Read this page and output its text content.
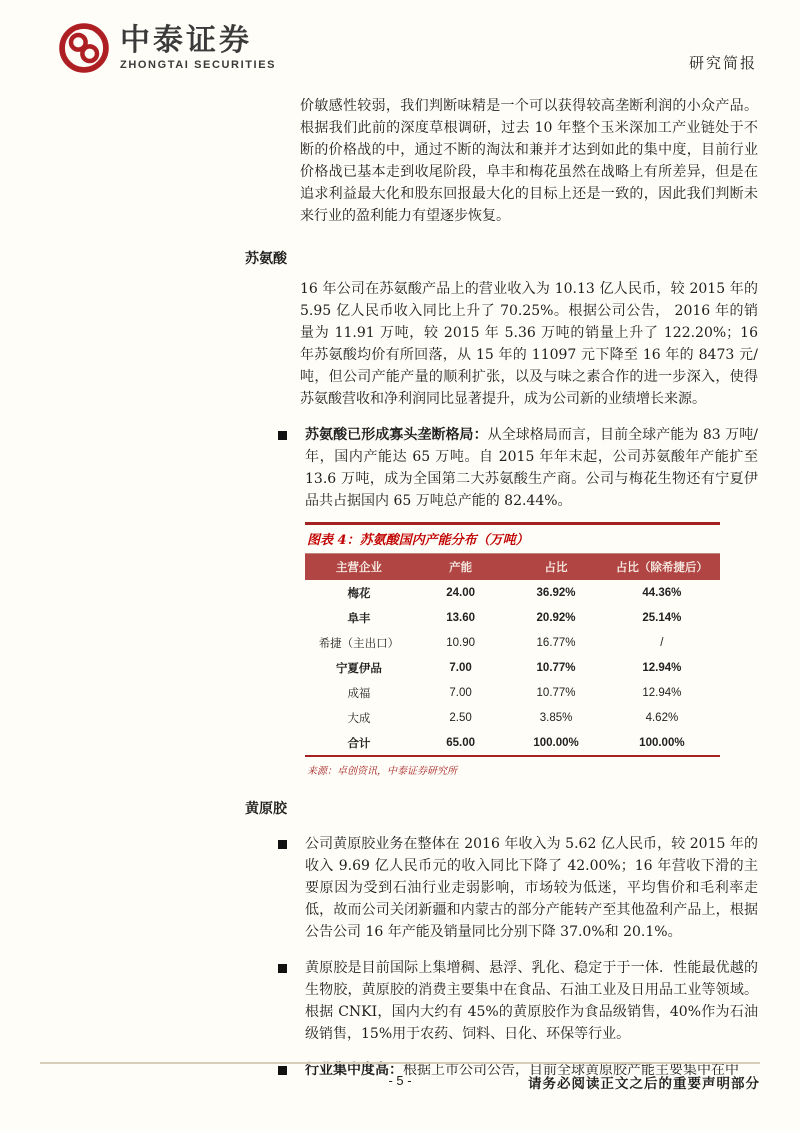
中泰证券
ZHONGTAI SECURITIES	研究简报

价敏感性较弱，我们判断味精是一个可以获得较高垄断利润的小众产品。根据我们此前的深度草根调研，过去 10 年整个玉米深加工产业链处于不断的价格战的中，通过不断的淘汰和兼并才达到如此的集中度，目前行业价格战已基本走到收尾阶段，阜丰和梅花虽然在战略上有所差异，但是在追求利益最大化和股东回报最大化的目标上还是一致的，因此我们判断未来行业的盈利能力有望逐步恢复。

苏氨酸

16 年公司在苏氨酸产品上的营业收入为 10.13 亿人民币，较 2015 年的 5.95 亿人民币收入同比上升了 70.25%。根据公司公告， 2016 年的销量为 11.91 万吨，较 2015 年 5.36 万吨的销量上升了 122.20%；16 年苏氨酸均价有所回落，从 15 年的 11097 元下降至 16 年的 8473 元/吨，但公司产能产量的顺利扩张，以及与味之素合作的进一步深入，使得苏氨酸营收和净利润同比显著提升，成为公司新的业绩增长来源。

苏氨酸已形成寡头垄断格局：从全球格局而言，目前全球产能为 83 万吨/年，国内产能达 65 万吨。自 2015 年年末起，公司苏氨酸年产能扩至 13.6 万吨，成为全国第二大苏氨酸生产商。公司与梅花生物还有宁夏伊品共占据国内 65 万吨总产能的 82.44%。

图表 4：苏氨酸国内产能分布（万吨）
主营企业	产能	占比	占比（除希捷后）
梅花	24.00	36.92%	44.36%
阜丰	13.60	20.92%	25.14%
希捷（主出口）	10.90	16.77%	/
宁夏伊品	7.00	10.77%	12.94%
成福	7.00	10.77%	12.94%
大成	2.50	3.85%	4.62%
合计	65.00	100.00%	100.00%
来源：卓创资讯，中泰证券研究所
黄原胶

公司黄原胶业务在整体在 2016 年收入为 5.62 亿人民币，较 2015 年的收入 9.69 亿人民币元的收入同比下降了 42.00%；16 年营收下滑的主要原因为受到石油行业走弱影响，市场较为低迷，平均售价和毛利率走低，故而公司关闭新疆和内蒙古的部分产能转产至其他盈利产品上，根据公告公司 16 年产能及销量同比分别下降 37.0%和 20.1%。

黄原胶是目前国际上集增稠、悬浮、乳化、稳定于于一体．性能最优越的生物胶，黄原胶的消费主要集中在食品、石油工业及日用品工业等领域。根据 CNKI，国内大约有 45%的黄原胶作为食品级销售，40%作为石油级销售，15%用于农药、饲料、日化、环保等行业。

行业集中度高：根据上市公司公告，目前全球黄原胶产能主要集中在中

- 5 -	请务必阅读正文之后的重要声明部分
